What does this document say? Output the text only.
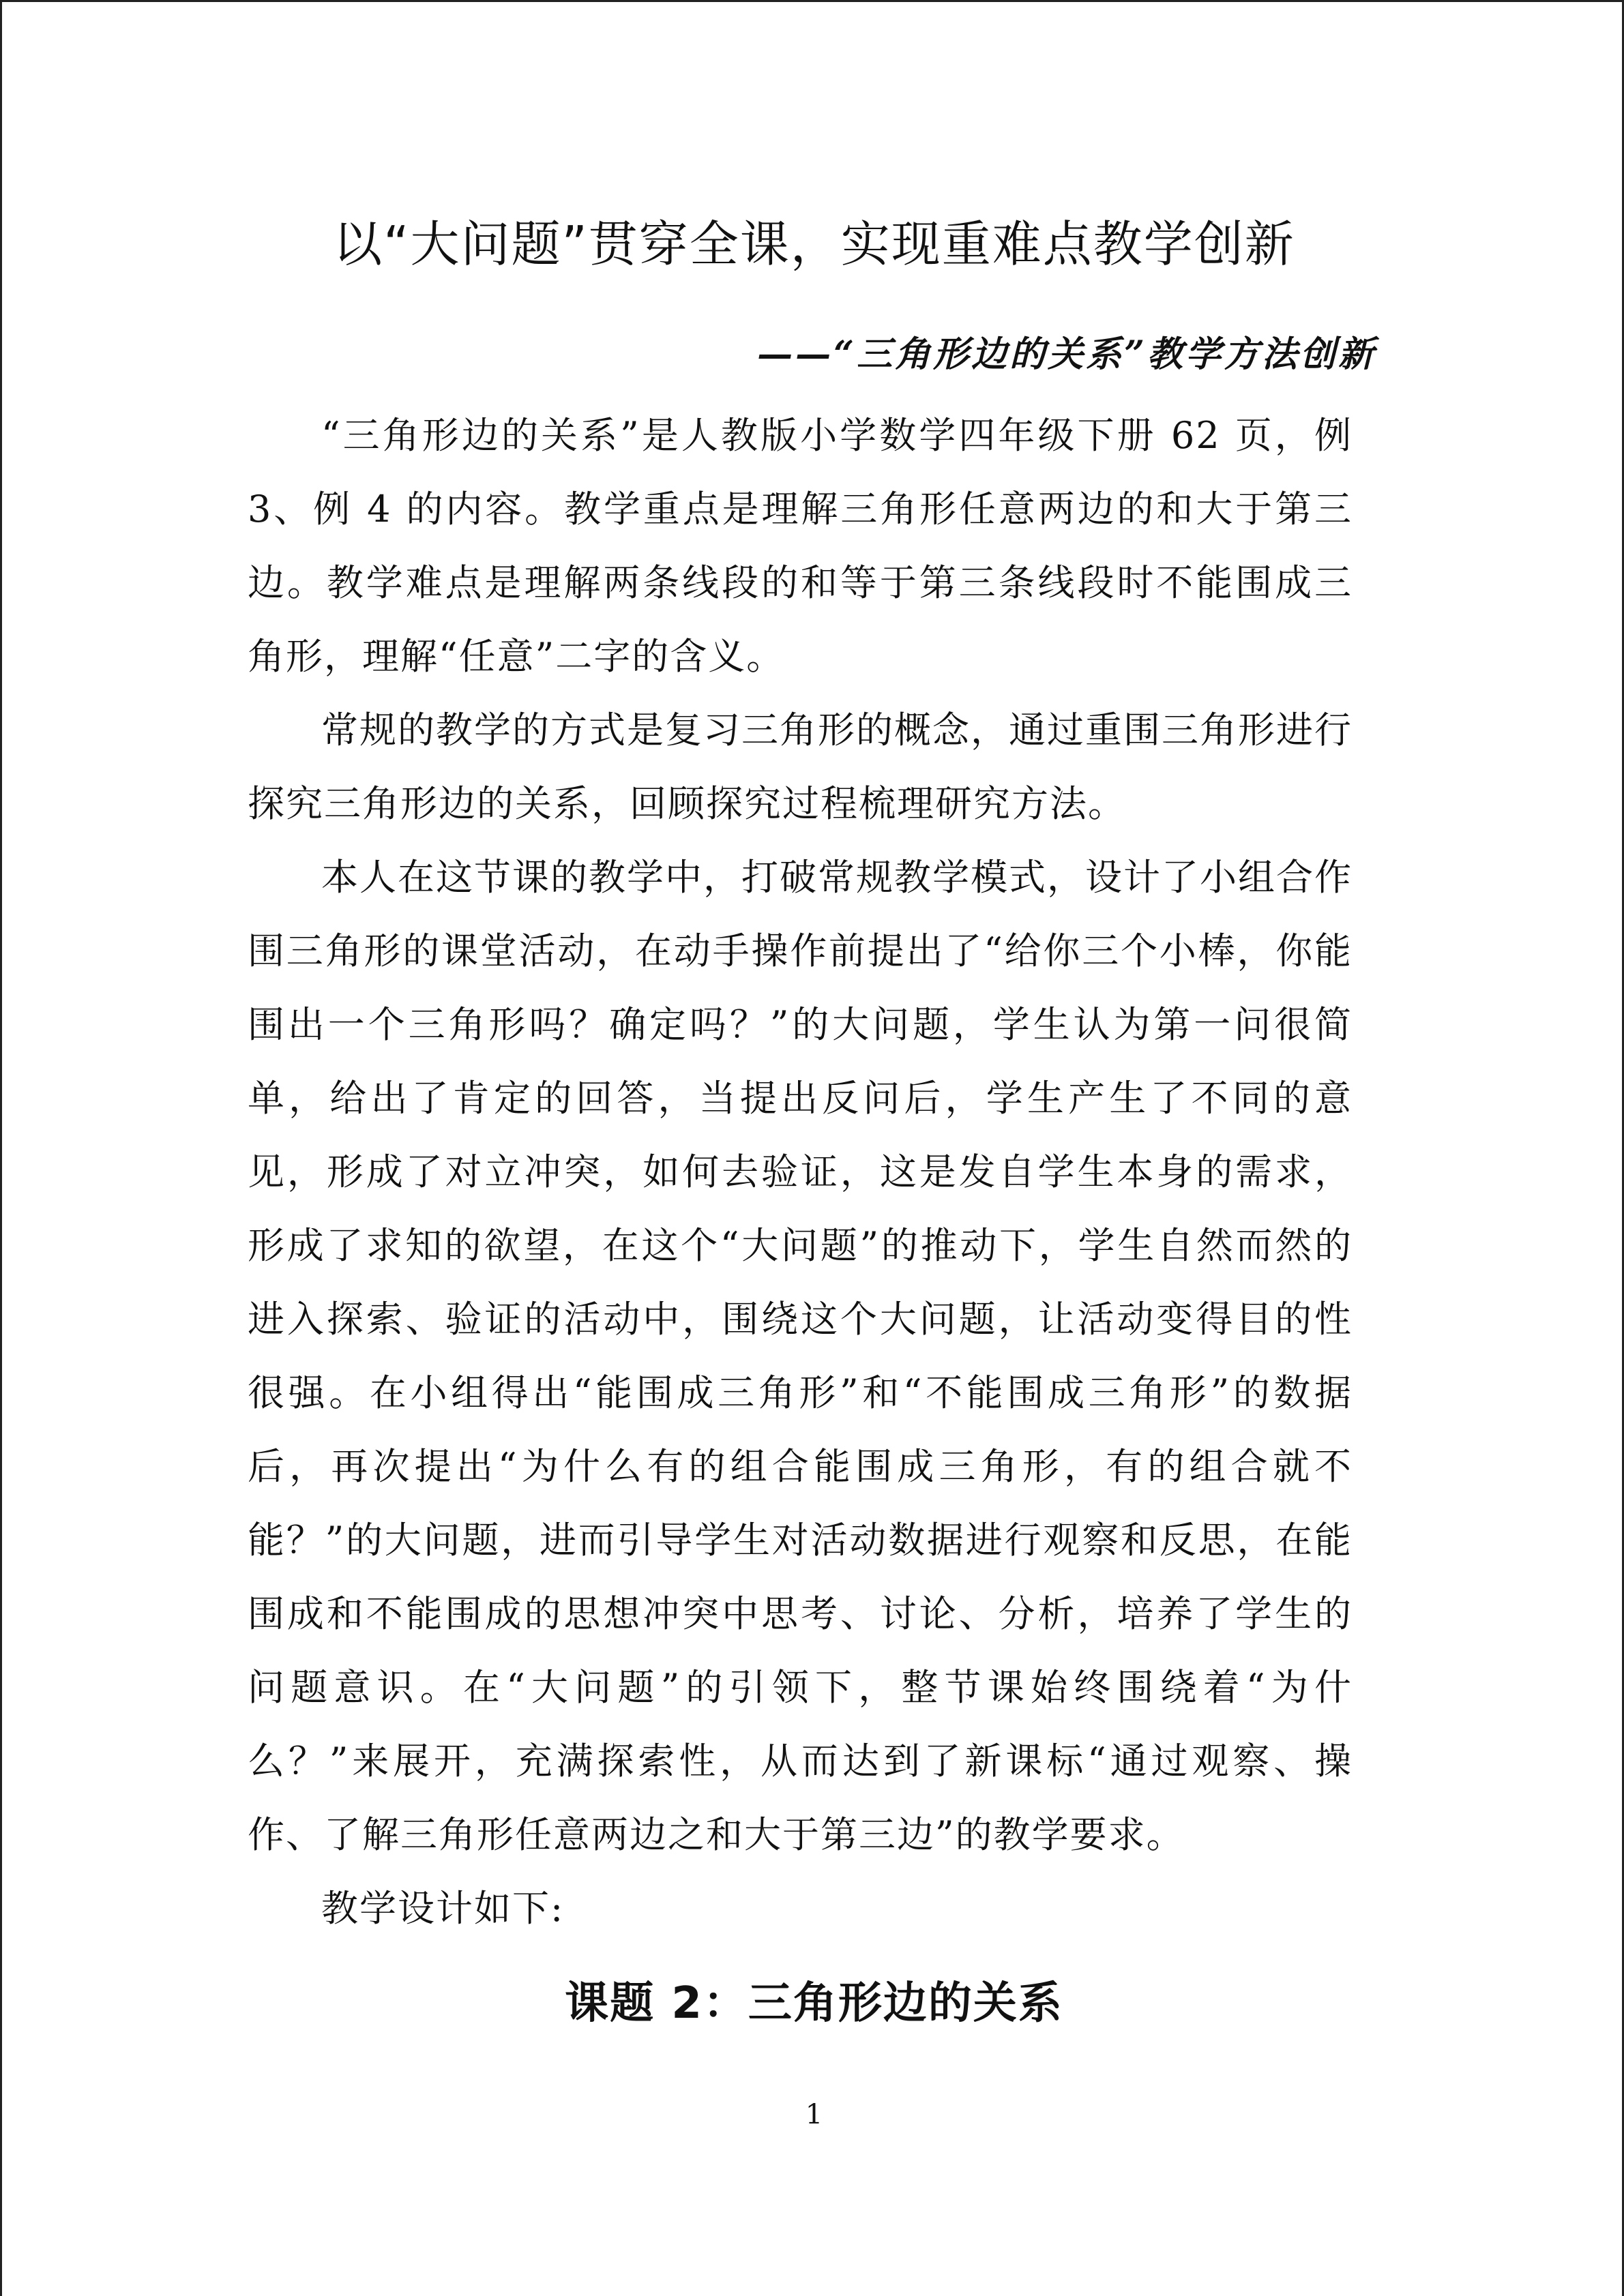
以“大问题”贯穿全课，实现重难点教学创新
——“三角形边的关系”教学方法创新

“三角形边的关系”是人教版小学数学四年级下册 62 页，例 3、例 4 的内容。教学重点是理解三角形任意两边的和大于第三边。教学难点是理解两条线段的和等于第三条线段时不能围成三角形，理解“任意”二字的含义。

常规的教学的方式是复习三角形的概念，通过重围三角形进行探究三角形边的关系，回顾探究过程梳理研究方法。

本人在这节课的教学中，打破常规教学模式，设计了小组合作围三角形的课堂活动，在动手操作前提出了“给你三个小棒，你能围出一个三角形吗？确定吗？”的大问题，学生认为第一问很简单，给出了肯定的回答，当提出反问后，学生产生了不同的意见，形成了对立冲突，如何去验证，这是发自学生本身的需求，形成了求知的欲望，在这个“大问题”的推动下，学生自然而然的进入探索、验证的活动中，围绕这个大问题，让活动变得目的性很强。在小组得出“能围成三角形”和“不能围成三角形”的数据后，再次提出“为什么有的组合能围成三角形，有的组合就不能？”的大问题，进而引导学生对活动数据进行观察和反思，在能围成和不能围成的思想冲突中思考、讨论、分析，培养了学生的问题意识。在“大问题”的引领下，整节课始终围绕着“为什么？”来展开，充满探索性，从而达到了新课标“通过观察、操作、了解三角形任意两边之和大于第三边”的教学要求。

教学设计如下:

课题 2：三角形边的关系
1
